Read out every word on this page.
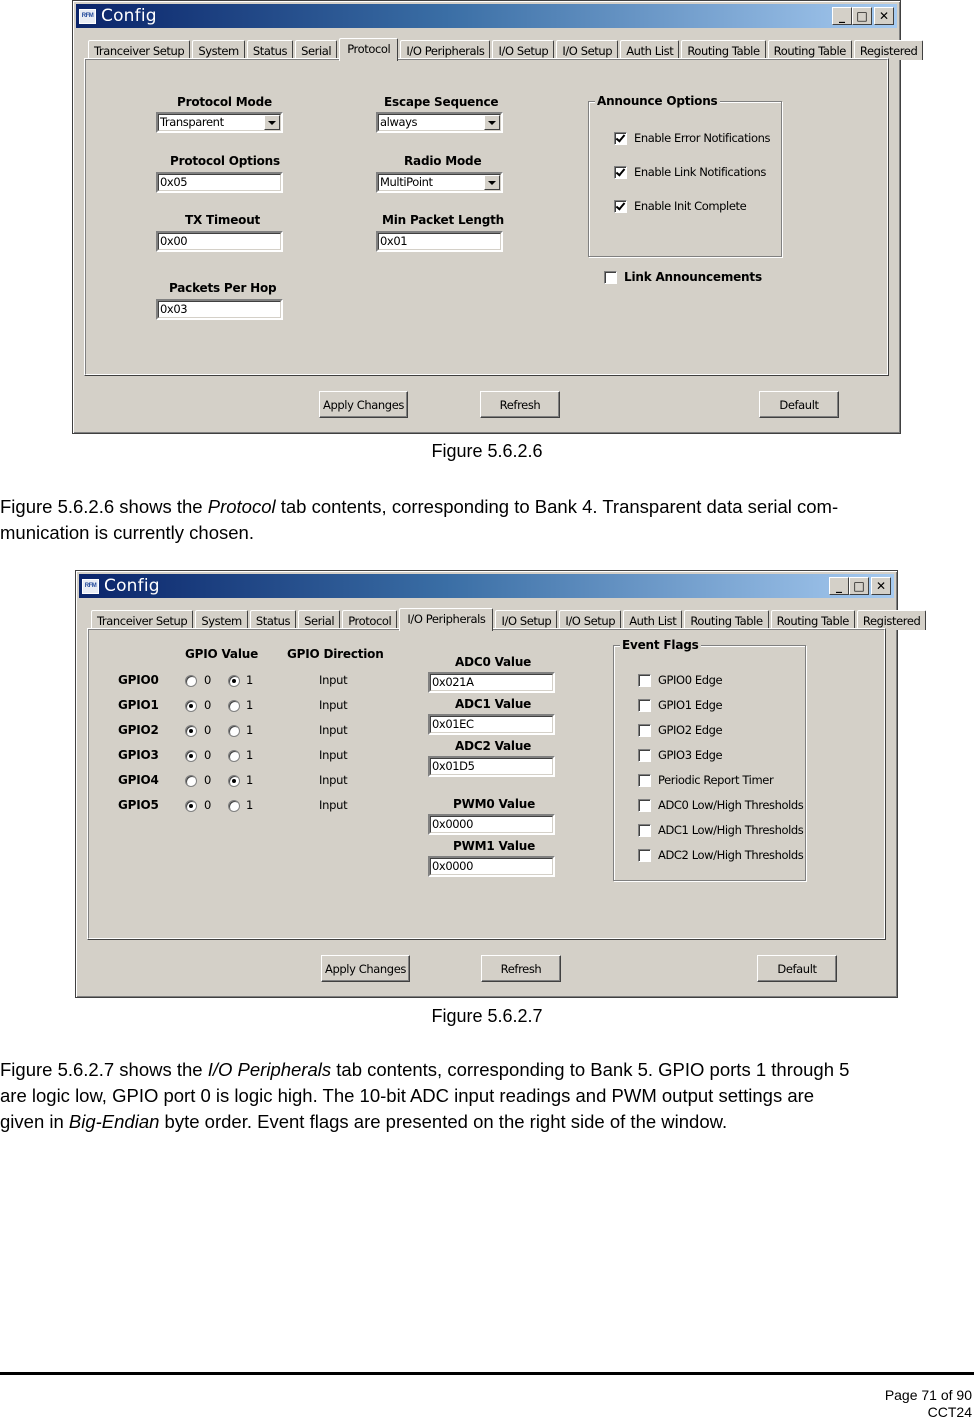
RFM Config	_ □ ✕
Tranceiver Setup	System	Status	Serial	Protocol	I/O Peripherals	I/O Setup	I/O Setup	Auth List	Routing Table	Routing Table	Registered
Protocol Mode
Transparent
Protocol Options
0x05
TX Timeout
0x00
Packets Per Hop
0x03
Escape Sequence
always
Radio Mode
MultiPoint
Min Packet Length
0x01
Announce Options
Enable Error Notifications
Enable Link Notifications
Enable Init Complete
Link Announcements
Apply Changes	Refresh	Default
Figure 5.6.2.6
Figure 5.6.2.6 shows the Protocol tab contents, corresponding to Bank 4. Transparent data serial com-
munication is currently chosen.
RFM Config	_ □ ✕
Tranceiver Setup	System	Status	Serial	Protocol	I/O Peripherals	I/O Setup	I/O Setup	Auth List	Routing Table	Routing Table	Registered
GPIO Value GPIO Direction
GPIO0	0	1	Input
GPIO1	0	1	Input
GPIO2	0	1	Input
GPIO3	0	1	Input
GPIO4	0	1	Input
GPIO5	0	1	Input
ADC0 Value
0x021A
ADC1 Value
0x01EC
ADC2 Value
0x01D5
PWM0 Value
0x0000
PWM1 Value
0x0000
Event Flags
GPIO0 Edge
GPIO1 Edge
GPIO2 Edge
GPIO3 Edge
Periodic Report Timer
ADC0 Low/High Thresholds
ADC1 Low/High Thresholds
ADC2 Low/High Thresholds
Apply Changes	Refresh	Default
Figure 5.6.2.7
Figure 5.6.2.7 shows the I/O Peripherals tab contents, corresponding to Bank 5. GPIO ports 1 through 5
are logic low, GPIO port 0 is logic high. The 10-bit ADC input readings and PWM output settings are
given in Big-Endian byte order. Event flags are presented on the right side of the window.
Page 71 of 90
CCT24
